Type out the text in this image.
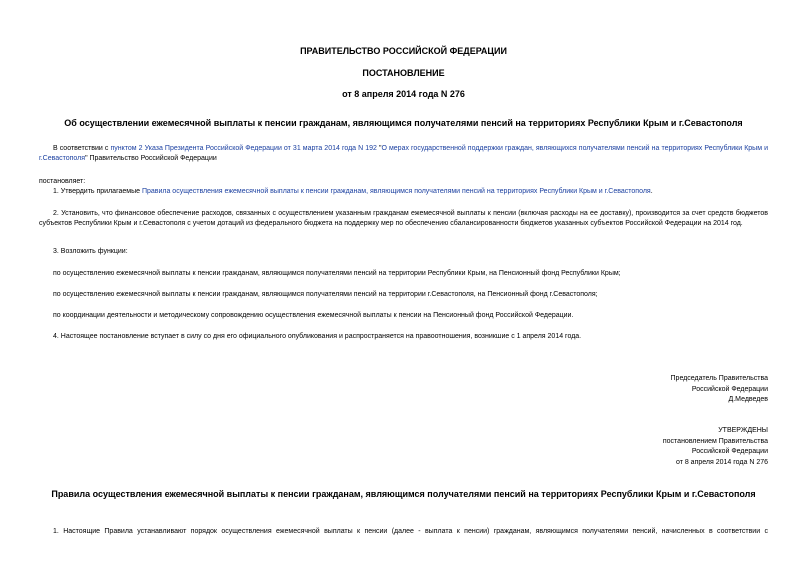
ПРАВИТЕЛЬСТВО РОССИЙСКОЙ ФЕДЕРАЦИИ
ПОСТАНОВЛЕНИЕ
от 8 апреля 2014 года N 276
Об осуществлении ежемесячной выплаты к пенсии гражданам, являющимся получателями пенсий на территориях Республики Крым и г.Севастополя
В соответствии с пунктом 2 Указа Президента Российской Федерации от 31 марта 2014 года N 192 "О мерах государственной поддержки граждан, являющихся получателями пенсий на территориях Республики Крым и г.Севастополя" Правительство Российской Федерации
постановляет:
1. Утвердить прилагаемые Правила осуществления ежемесячной выплаты к пенсии гражданам, являющимся получателями пенсий на территориях Республики Крым и г.Севастополя.
2. Установить, что финансовое обеспечение расходов, связанных с осуществлением указанным гражданам ежемесячной выплаты к пенсии (включая расходы на ее доставку), производится за счет средств бюджетов субъектов Республики Крым и г.Севастополя с учетом дотаций из федерального бюджета на поддержку мер по обеспечению сбалансированности бюджетов указанных субъектов Российской Федерации на 2014 год.
3. Возложить функции:
по осуществлению ежемесячной выплаты к пенсии гражданам, являющимся получателями пенсий на территории Республики Крым, на Пенсионный фонд Республики Крым;
по осуществлению ежемесячной выплаты к пенсии гражданам, являющимся получателями пенсий на территории г.Севастополя, на Пенсионный фонд г.Севастополя;
по координации деятельности и методическому сопровождению осуществления ежемесячной выплаты к пенсии на Пенсионный фонд Российской Федерации.
4. Настоящее постановление вступает в силу со дня его официального опубликования и распространяется на правоотношения, возникшие с 1 апреля 2014 года.
Председатель Правительства
Российской Федерации
Д.Медведев
УТВЕРЖДЕНЫ
постановлением Правительства
Российской Федерации
от 8 апреля 2014 года N 276
Правила осуществления ежемесячной выплаты к пенсии гражданам, являющимся получателями пенсий на территориях Республики Крым и г.Севастополя
1. Настоящие Правила устанавливают порядок осуществления ежемесячной выплаты к пенсии (далее - выплата к пенсии) гражданам, являющимся получателями пенсий, начисленных в соответствии с
